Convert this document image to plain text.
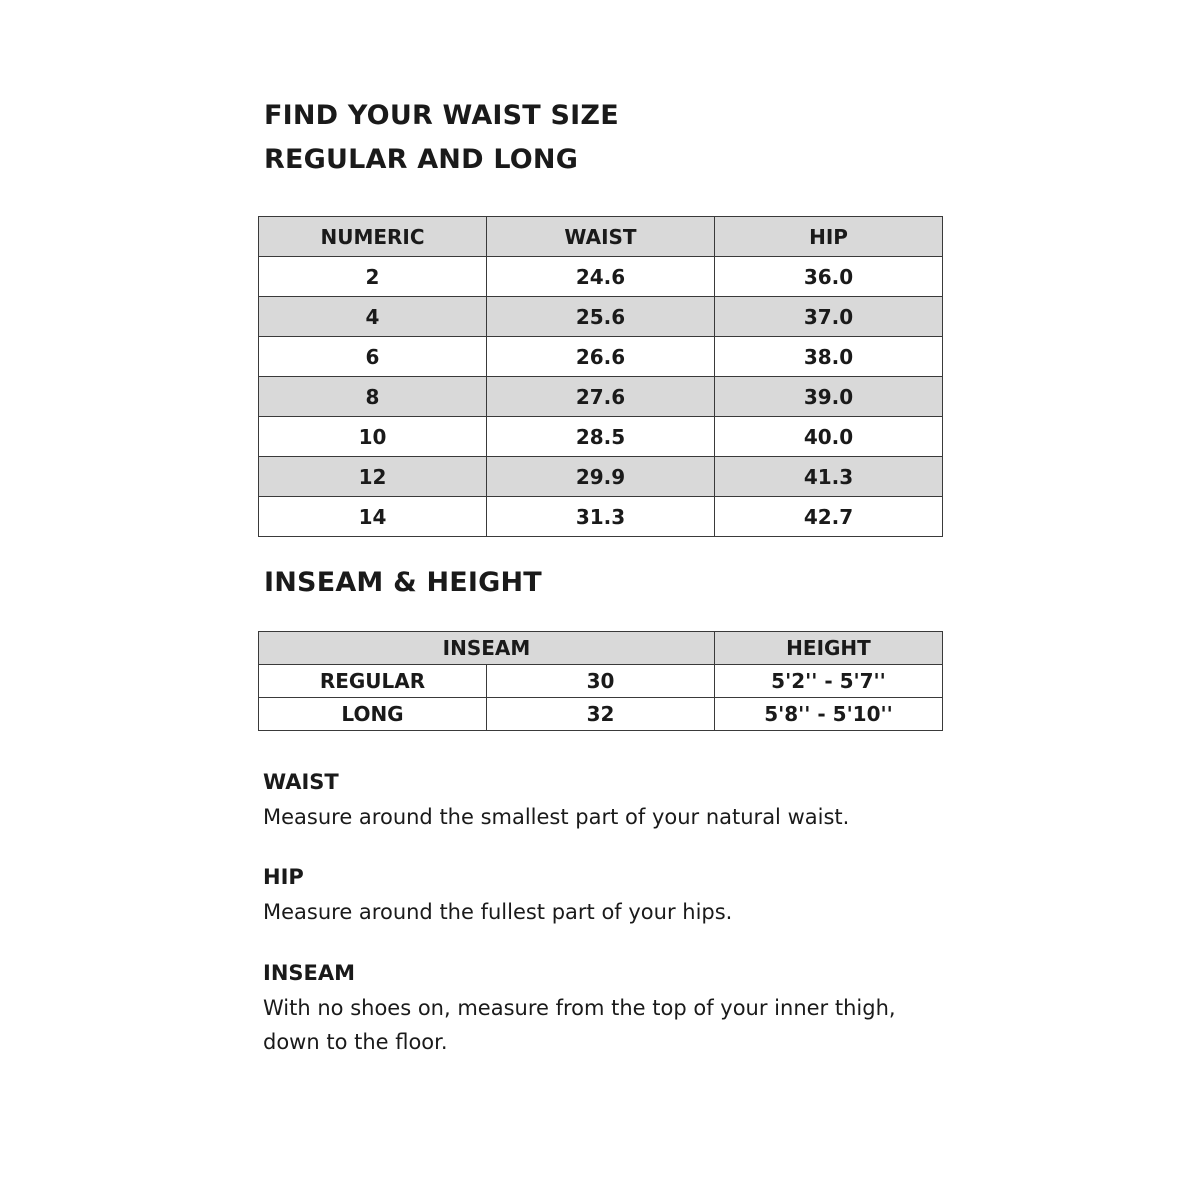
FIND YOUR WAIST SIZE
REGULAR AND LONG
NUMERIC	WAIST	HIP
2	24.6	36.0
4	25.6	37.0
6	26.6	38.0
8	27.6	39.0
10	28.5	40.0
12	29.9	41.3
14	31.3	42.7
INSEAM & HEIGHT
INSEAM		HEIGHT
REGULAR	30	5'2'' - 5'7''
LONG	32	5'8'' - 5'10''
WAIST

Measure around the smallest part of your natural waist.

HIP

Measure around the fullest part of your hips.

INSEAM

With no shoes on, measure from the top of your inner thigh, down to the floor.
